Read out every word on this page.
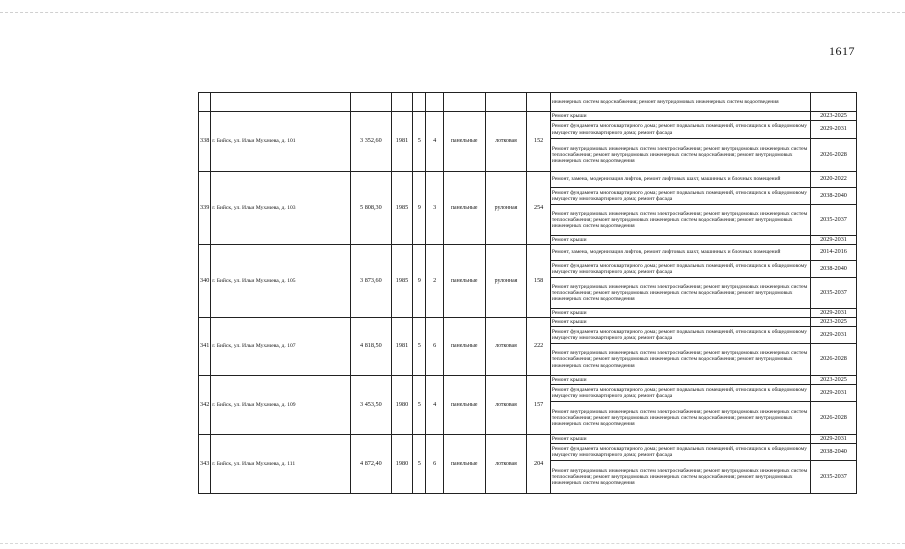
1617
									инженерных систем водоснабжения; ремонт внутридомовых инженерных систем водоотведения	
338	г. Бийск, ул. Ильи Мухачева, д. 101	3 352,60	1981	5	4	панельные	лотковая	152	Ремонт крыши	2023-2025
									Ремонт фундамента многоквартирного дома; ремонт подвальных помещений, относящихся к общедомовому имуществу многоквартирного дома; ремонт фасада	2029-2031
									Ремонт внутридомовых инженерных систем электроснабжения; ремонт внутридомовых инженерных систем теплоснабжения; ремонт внутридомовых инженерных систем водоснабжения; ремонт внутридомовых инженерных систем водоотведения	2026-2028
339	г. Бийск, ул. Ильи Мухачева, д. 103	5 808,30	1985	9	3	панельные	рулонная	254	Ремонт, замена, модернизация лифтов, ремонт лифтовых шахт, машинных и блочных помещений	2020-2022
									Ремонт фундамента многоквартирного дома; ремонт подвальных помещений, относящихся к общедомовому имуществу многоквартирного дома; ремонт фасада	2038-2040
									Ремонт внутридомовых инженерных систем электроснабжения; ремонт внутридомовых инженерных систем теплоснабжения; ремонт внутридомовых инженерных систем водоснабжения; ремонт внутридомовых инженерных систем водоотведения	2035-2037
									Ремонт крыши	2029-2031
340	г. Бийск, ул. Ильи Мухачева, д. 105	3 873,60	1985	9	2	панельные	рулонная	158	Ремонт, замена, модернизация лифтов, ремонт лифтовых шахт, машинных и блочных помещений	2014-2016
									Ремонт фундамента многоквартирного дома; ремонт подвальных помещений, относящихся к общедомовому имуществу многоквартирного дома; ремонт фасада	2038-2040
									Ремонт внутридомовых инженерных систем электроснабжения; ремонт внутридомовых инженерных систем теплоснабжения; ремонт внутридомовых инженерных систем водоснабжения; ремонт внутридомовых инженерных систем водоотведения	2035-2037
									Ремонт крыши	2029-2031
341	г. Бийск, ул. Ильи Мухачева, д. 107	4 818,50	1981	5	6	панельные	лотковая	222	Ремонт крыши	2023-2025
									Ремонт фундамента многоквартирного дома; ремонт подвальных помещений, относящихся к общедомовому имуществу многоквартирного дома; ремонт фасада	2029-2031
									Ремонт внутридомовых инженерных систем электроснабжения; ремонт внутридомовых инженерных систем теплоснабжения; ремонт внутридомовых инженерных систем водоснабжения; ремонт внутридомовых инженерных систем водоотведения	2026-2028
342	г. Бийск, ул. Ильи Мухачева, д. 109	3 453,50	1980	5	4	панельные	лотковая	157	Ремонт крыши	2023-2025
									Ремонт фундамента многоквартирного дома; ремонт подвальных помещений, относящихся к общедомовому имуществу многоквартирного дома; ремонт фасада	2029-2031
									Ремонт внутридомовых инженерных систем электроснабжения; ремонт внутридомовых инженерных систем теплоснабжения; ремонт внутридомовых инженерных систем водоснабжения; ремонт внутридомовых инженерных систем водоотведения	2026-2028
343	г. Бийск, ул. Ильи Мухачева, д. 111	4 872,40	1980	5	6	панельные	лотковая	204	Ремонт крыши	2029-2031
									Ремонт фундамента многоквартирного дома; ремонт подвальных помещений, относящихся к общедомовому имуществу многоквартирного дома; ремонт фасада	2038-2040
									Ремонт внутридомовых инженерных систем электроснабжения; ремонт внутридомовых инженерных систем теплоснабжения; ремонт внутридомовых инженерных систем водоснабжения; ремонт внутридомовых инженерных систем водоотведения	2035-2037
